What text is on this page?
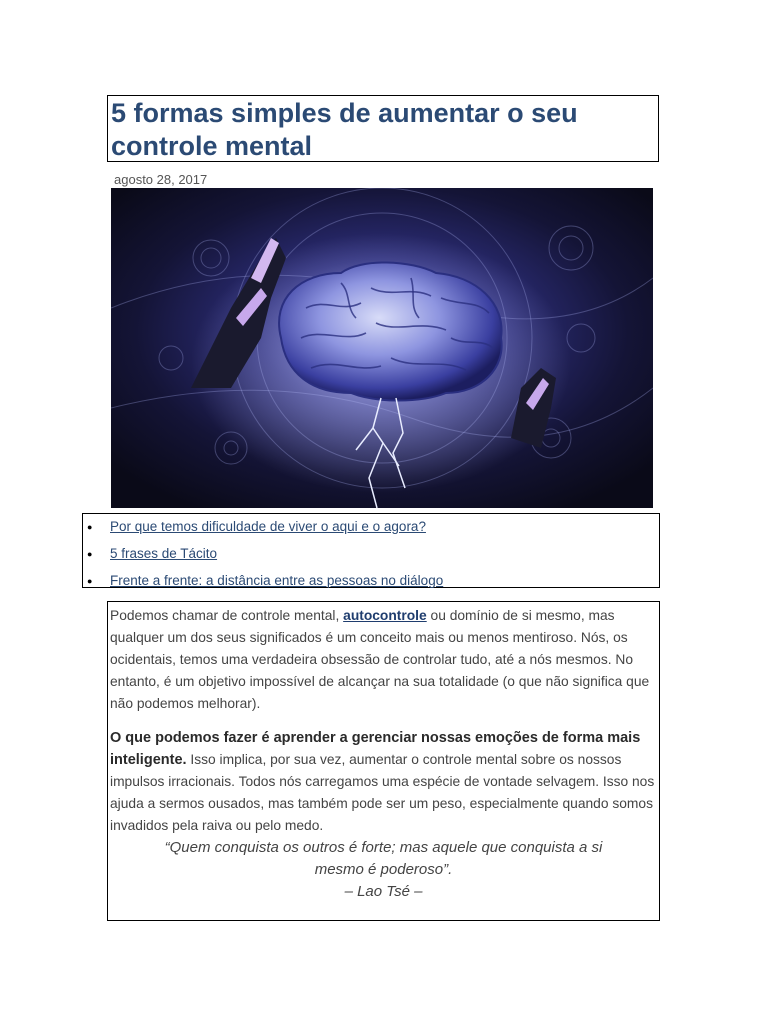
5 formas simples de aumentar o seu controle mental
agosto 28, 2017
● Por que temos dificuldade de viver o aqui e o agora?
● 5 frases de Tácito
● Frente a frente: a distância entre as pessoas no diálogo

Podemos chamar de controle mental, autocontrole ou domínio de si mesmo, mas qualquer um dos seus significados é um conceito mais ou menos mentiroso. Nós, os ocidentais, temos uma verdadeira obsessão de controlar tudo, até a nós mesmos. No entanto, é um objetivo impossível de alcançar na sua totalidade (o que não significa que não podemos melhorar).

O que podemos fazer é aprender a gerenciar nossas emoções de forma mais inteligente. Isso implica, por sua vez, aumentar o controle mental sobre os nossos impulsos irracionais. Todos nós carregamos uma espécie de vontade selvagem. Isso nos ajuda a sermos ousados, mas também pode ser um peso, especialmente quando somos invadidos pela raiva ou pelo medo.

“Quem conquista os outros é forte; mas aquele que conquista a si
mesmo é poderoso”.
– Lao Tsé –
